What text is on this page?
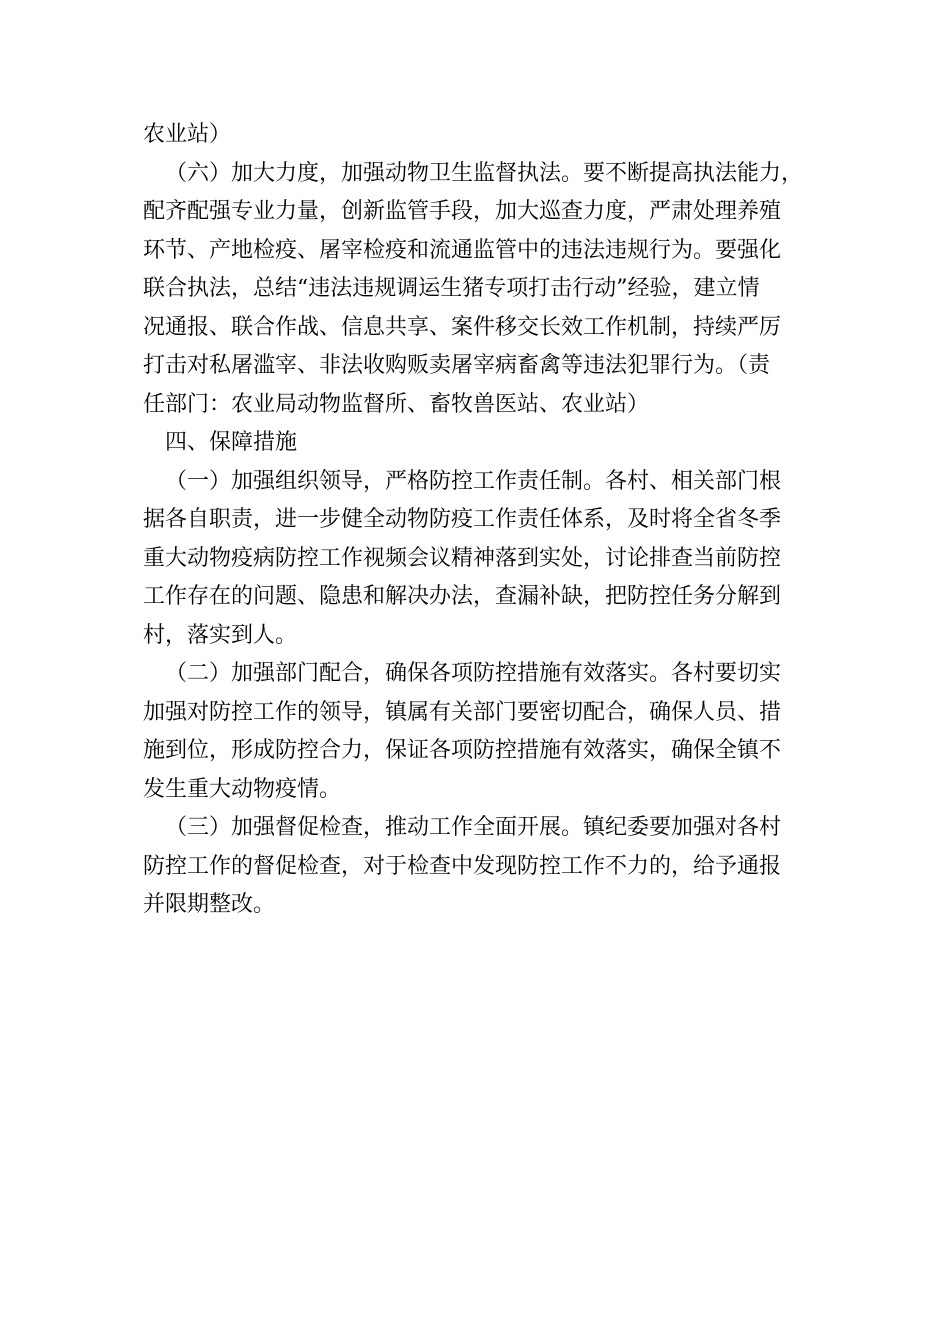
农业站）
（六）加大力度，加强动物卫生监督执法。要不断提高执法能力，
配齐配强专业力量，创新监管手段，加大巡查力度，严肃处理养殖
环节、产地检疫、屠宰检疫和流通监管中的违法违规行为。要强化
联合执法，总结“违法违规调运生猪专项打击行动”经验，建立情
况通报、联合作战、信息共享、案件移交长效工作机制，持续严厉
打击对私屠滥宰、非法收购贩卖屠宰病畜禽等违法犯罪行为。（责
任部门：农业局动物监督所、畜牧兽医站、农业站）
四、保障措施
（一）加强组织领导，严格防控工作责任制。各村、相关部门根
据各自职责，进一步健全动物防疫工作责任体系，及时将全省冬季
重大动物疫病防控工作视频会议精神落到实处，讨论排查当前防控
工作存在的问题、隐患和解决办法，查漏补缺，把防控任务分解到
村，落实到人。
（二）加强部门配合，确保各项防控措施有效落实。各村要切实
加强对防控工作的领导，镇属有关部门要密切配合，确保人员、措
施到位，形成防控合力，保证各项防控措施有效落实，确保全镇不
发生重大动物疫情。
（三）加强督促检查，推动工作全面开展。镇纪委要加强对各村
防控工作的督促检查，对于检查中发现防控工作不力的，给予通报
并限期整改。
